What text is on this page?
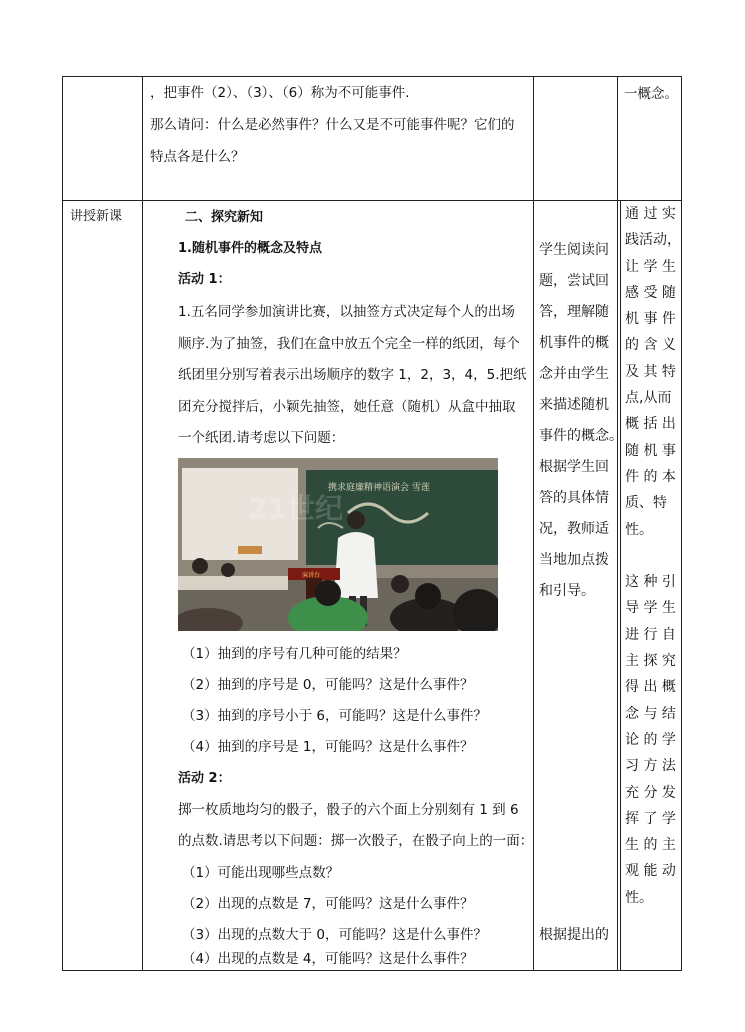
，把事件（2）、（3）、（6）称为不可能事件.
那么请问：什么是必然事件？什么又是不可能事件呢？它们的
特点各是什么？
一概念。
讲授新课	二、探究新知
1.随机事件的概念及特点
活动 1：
1.五名同学参加演讲比赛，以抽签方式决定每个人的出场
顺序.为了抽签，我们在盒中放五个完全一样的纸团，每个
纸团里分别写着表示出场顺序的数字 1，2，3，4，5.把纸
团充分搅拌后，小颖先抽签，她任意（随机）从盒中抽取
一个纸团.请考虑以下问题：
携求庭廉精神语演会 雪莲
21世纪
演讲台
（1）抽到的序号有几种可能的结果？
（2）抽到的序号是 0，可能吗？这是什么事件？
（3）抽到的序号小于 6，可能吗？这是什么事件？
（4）抽到的序号是 1，可能吗？这是什么事件？
活动 2：
掷一枚质地均匀的骰子，骰子的六个面上分别刻有 1 到 6
的点数.请思考以下问题：掷一次骰子，在骰子向上的一面：
（1）可能出现哪些点数？
（2）出现的点数是 7，可能吗？这是什么事件？
（3）出现的点数大于 0，可能吗？这是什么事件？
（4）出现的点数是 4，可能吗？这是什么事件？
学生阅读问
题，尝试回
答，理解随
机事件的概
念并由学生
来描述随机
事件的概念。
根据学生回
答的具体情
况，教师适
当地加点拨
和引导。
根据提出的
通 过 实
践活动，
让 学 生
感 受 随
机 事 件
的 含 义
及 其 特
点,从而
概 括 出
随 机 事
件 的 本
质、特性。

这 种 引
导 学 生
进 行 自
主 探 究
得 出 概
念 与 结
论 的 学
习 方 法
充 分 发
挥 了 学
生 的 主
观 能 动
性。
